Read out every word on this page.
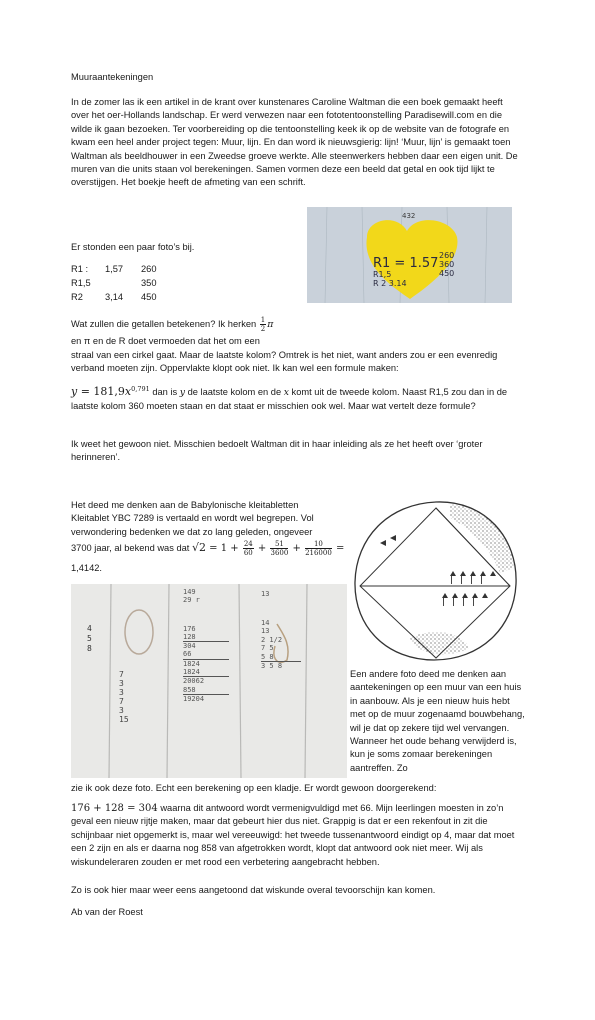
Muuraantekeningen

In de zomer las ik een artikel in de krant over kunstenares Caroline Waltman die een boek gemaakt heeft over het oer-Hollands landschap. Er werd verwezen naar een fototentoonstelling Paradisewill.com en die wilde ik gaan bezoeken. Ter voorbereiding op die tentoonstelling keek ik op de website van de fotografe en kwam een heel ander project tegen: Muur, lijn. En dan word ik nieuwsgierig: lijn! ‘Muur, lijn’ is gemaakt toen Waltman als beeldhouwer in een Zweedse groeve werkte. Alle steenwerkers hebben daar een eigen unit. De muren van die units staan vol berekeningen. Samen vormen deze een beeld dat getal en ook tijd lijkt te overstijgen. Het boekje heeft de afmeting van een schrift.

432
R1 = 1.57
R1,5
R 2 3.14
260
360
450
Er stonden een paar foto’s bij.
R1 :	1,57	260
R1,5		350
R2	3,14	450
Wat zullen die getallen betekenen? Ik herken $\frac{1}{2}$ π
en π en de R doet vermoeden dat het om een

straal van een cirkel gaat. Maar de laatste kolom? Omtrek is het niet, want anders zou er een evenredig verband moeten zijn. Oppervlakte klopt ook niet. Ik kan wel een formule maken:

$y = 181,9x^{0,791}$ dan is y de laatste kolom en de x komt uit de tweede kolom. Naast R1,5 zou dan in de laatste kolom 360 moeten staan en dat staat er misschien ook wel. Maar wat vertelt deze formule?

Ik weet het gewoon niet. Misschien bedoelt Waltman dit in haar inleiding als ze het heeft over ‘groter herinneren’.

Het deed me denken aan de Babylonische kleitabletten Kleitablet YBC 7289 is vertaald en wordt wel begrepen. Vol verwondering bedenken we dat zo lang geleden, ongeveer

3700 jaar, al bekend was dat $√2 = 1 + \frac{24}{60} + \frac{51}{3600} + \frac{10}{216000}$ =
1,4142.
4
5
8
7
3
3
7
3
15
149
29 r
176
128
304
66
1824
1824
20062
858
19204
13
14
13
2 1/2
7 5
5 8
3 5 8

Een andere foto deed me denken aan aantekeningen op een muur van een huis in aanbouw. Als je een nieuw huis hebt met op de muur zogenaamd bouwbehang, wil je dat op zekere tijd wel vervangen. Wanneer het oude behang verwijderd is, kun je soms zomaar berekeningen aantreffen. Zo

zie ik ook deze foto. Echt een berekening op een kladje. Er wordt gewoon doorgerekend:
176 + 128 = 304 waarna dit antwoord wordt vermenigvuldigd met 66. Mijn leerlingen moesten in zo’n geval een nieuw rijtje maken, maar dat gebeurt hier dus niet. Grappig is dat er een rekenfout in zit die schijnbaar niet opgemerkt is, maar wel vereeuwigd: het tweede tussenantwoord eindigt op 4, maar dat moet een 2 zijn en als er daarna nog 858 van afgetrokken wordt, klopt dat antwoord ook niet meer. Wij als wiskundeleraren zouden er met rood een verbetering aangebracht hebben.
Zo is ook hier maar weer eens aangetoond dat wiskunde overal tevoorschijn kan komen.
Ab van der Roest
